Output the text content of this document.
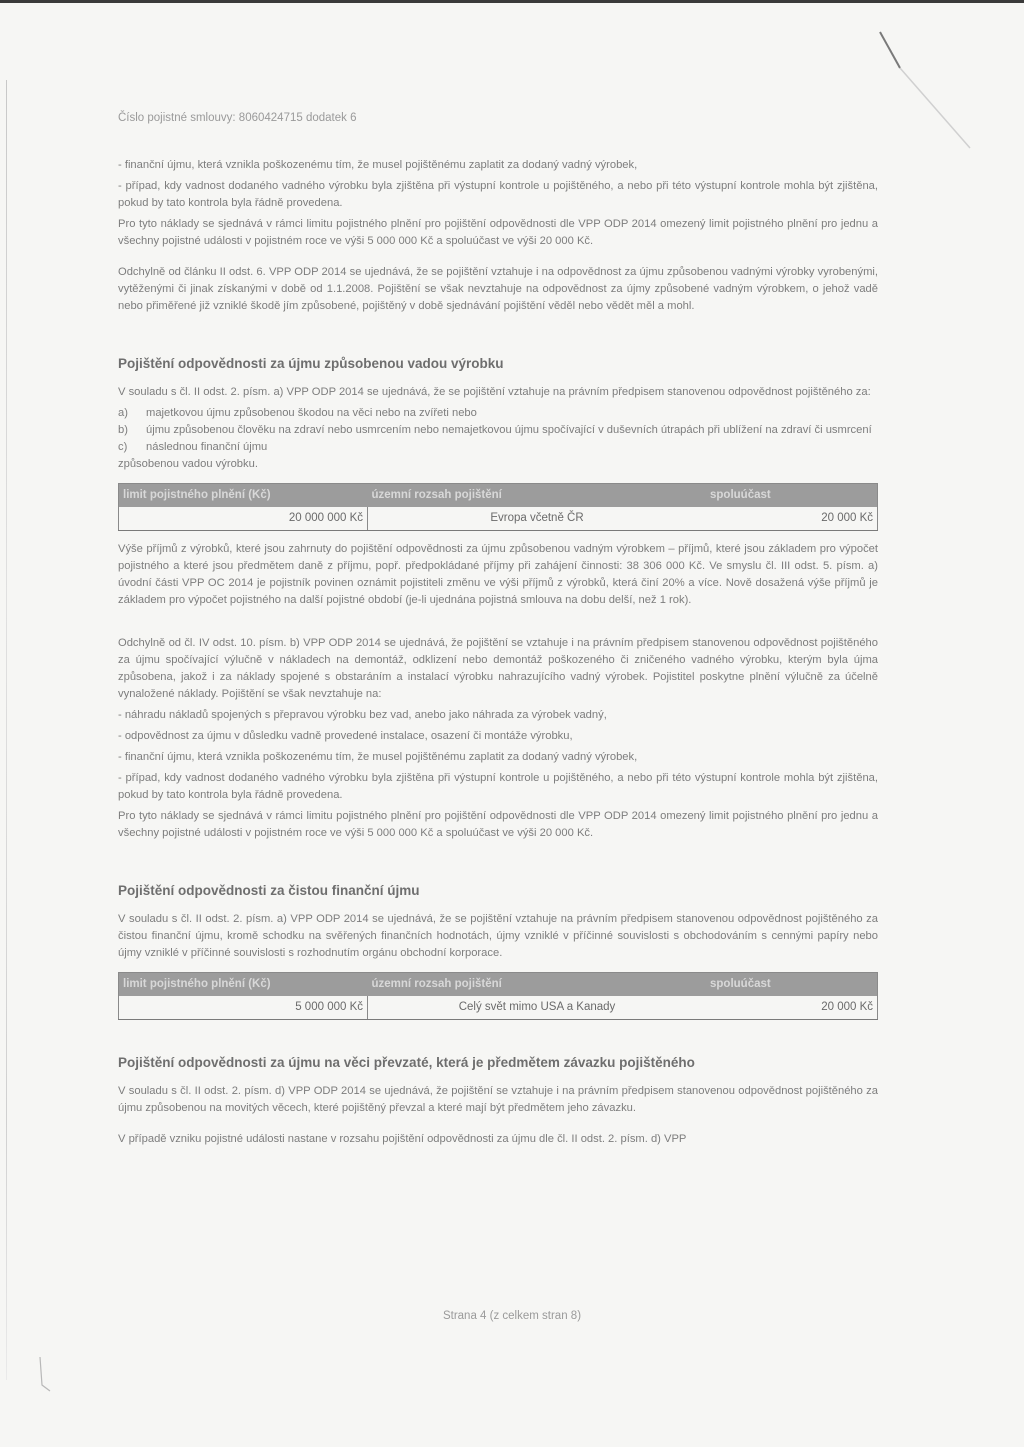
Číslo pojistné smlouvy: 8060424715 dodatek 6

- finanční újmu, která vznikla poškozenému tím, že musel pojištěnému zaplatit za dodaný vadný výrobek,

- případ, kdy vadnost dodaného vadného výrobku byla zjištěna při výstupní kontrole u pojištěného, a nebo při této výstupní kontrole mohla být zjištěna, pokud by tato kontrola byla řádně provedena.

Pro tyto náklady se sjednává v rámci limitu pojistného plnění pro pojištění odpovědnosti dle VPP ODP 2014 omezený limit pojistného plnění pro jednu a všechny pojistné události v pojistném roce ve výši 5 000 000 Kč a spoluúčast ve výši 20 000 Kč.

Odchylně od článku II odst. 6. VPP ODP 2014 se ujednává, že se pojištění vztahuje i na odpovědnost za újmu způsobenou vadnými výrobky vyrobenými, vytěženými či jinak získanými v době od 1.1.2008. Pojištění se však nevztahuje na odpovědnost za újmy způsobené vadným výrobkem, o jehož vadě nebo přiměřené již vzniklé škodě jím způsobené, pojištěný v době sjednávání pojištění věděl nebo vědět měl a mohl.

Pojištění odpovědnosti za újmu způsobenou vadou výrobku

V souladu s čl. II odst. 2. písm. a) VPP ODP 2014 se ujednává, že se pojištění vztahuje na právním předpisem stanovenou odpovědnost pojištěného za:

a)	majetkovou újmu způsobenou škodou na věci nebo na zvířeti nebo
b)	újmu způsobenou člověku na zdraví nebo usmrcením nebo nemajetkovou újmu spočívající v duševních útrapách při ublížení na zdraví či usmrcení
c)	následnou finanční újmu

způsobenou vadou výrobku.

limit pojistného plnění (Kč)	územní rozsah pojištění	spoluúčast
20 000 000 Kč	Evropa včetně ČR	20 000 Kč

Výše příjmů z výrobků, které jsou zahrnuty do pojištění odpovědnosti za újmu způsobenou vadným výrobkem – příjmů, které jsou základem pro výpočet pojistného a které jsou předmětem daně z příjmu, popř. předpokládané příjmy při zahájení činnosti: 38 306 000 Kč. Ve smyslu čl. III odst. 5. písm. a) úvodní části VPP OC 2014 je pojistník povinen oznámit pojistiteli změnu ve výši příjmů z výrobků, která činí 20% a více. Nově dosažená výše příjmů je základem pro výpočet pojistného na další pojistné období (je-li ujednána pojistná smlouva na dobu delší, než 1 rok).

Odchylně od čl. IV odst. 10. písm. b) VPP ODP 2014 se ujednává, že pojištění se vztahuje i na právním předpisem stanovenou odpovědnost pojištěného za újmu spočívající výlučně v nákladech na demontáž, odklizení nebo demontáž poškozeného či zničeného vadného výrobku, kterým byla újma způsobena, jakož i za náklady spojené s obstaráním a instalací výrobku nahrazujícího vadný výrobek. Pojistitel poskytne plnění výlučně za účelně vynaložené náklady. Pojištění se však nevztahuje na:

- náhradu nákladů spojených s přepravou výrobku bez vad, anebo jako náhrada za výrobek vadný,

- odpovědnost za újmu v důsledku vadně provedené instalace, osazení či montáže výrobku,

- finanční újmu, která vznikla poškozenému tím, že musel pojištěnému zaplatit za dodaný vadný výrobek,

- případ, kdy vadnost dodaného vadného výrobku byla zjištěna při výstupní kontrole u pojištěného, a nebo při této výstupní kontrole mohla být zjištěna, pokud by tato kontrola byla řádně provedena.

Pro tyto náklady se sjednává v rámci limitu pojistného plnění pro pojištění odpovědnosti dle VPP ODP 2014 omezený limit pojistného plnění pro jednu a všechny pojistné události v pojistném roce ve výši 5 000 000 Kč a spoluúčast ve výši 20 000 Kč.

Pojištění odpovědnosti za čistou finanční újmu

V souladu s čl. II odst. 2. písm. a) VPP ODP 2014 se ujednává, že se pojištění vztahuje na právním předpisem stanovenou odpovědnost pojištěného za čistou finanční újmu, kromě schodku na svěřených finančních hodnotách, újmy vzniklé v příčinné souvislosti s obchodováním s cennými papíry nebo újmy vzniklé v příčinné souvislosti s rozhodnutím orgánu obchodní korporace.

limit pojistného plnění (Kč)	územní rozsah pojištění	spoluúčast
5 000 000 Kč	Celý svět mimo USA a Kanady	20 000 Kč
Pojištění odpovědnosti za újmu na věci převzaté, která je předmětem závazku pojištěného

V souladu s čl. II odst. 2. písm. d) VPP ODP 2014 se ujednává, že pojištění se vztahuje i na právním předpisem stanovenou odpovědnost pojištěného za újmu způsobenou na movitých věcech, které pojištěný převzal a které mají být předmětem jeho závazku.

V případě vzniku pojistné události nastane v rozsahu pojištění odpovědnosti za újmu dle čl. II odst. 2. písm. d) VPP

Strana 4 (z celkem stran 8)
